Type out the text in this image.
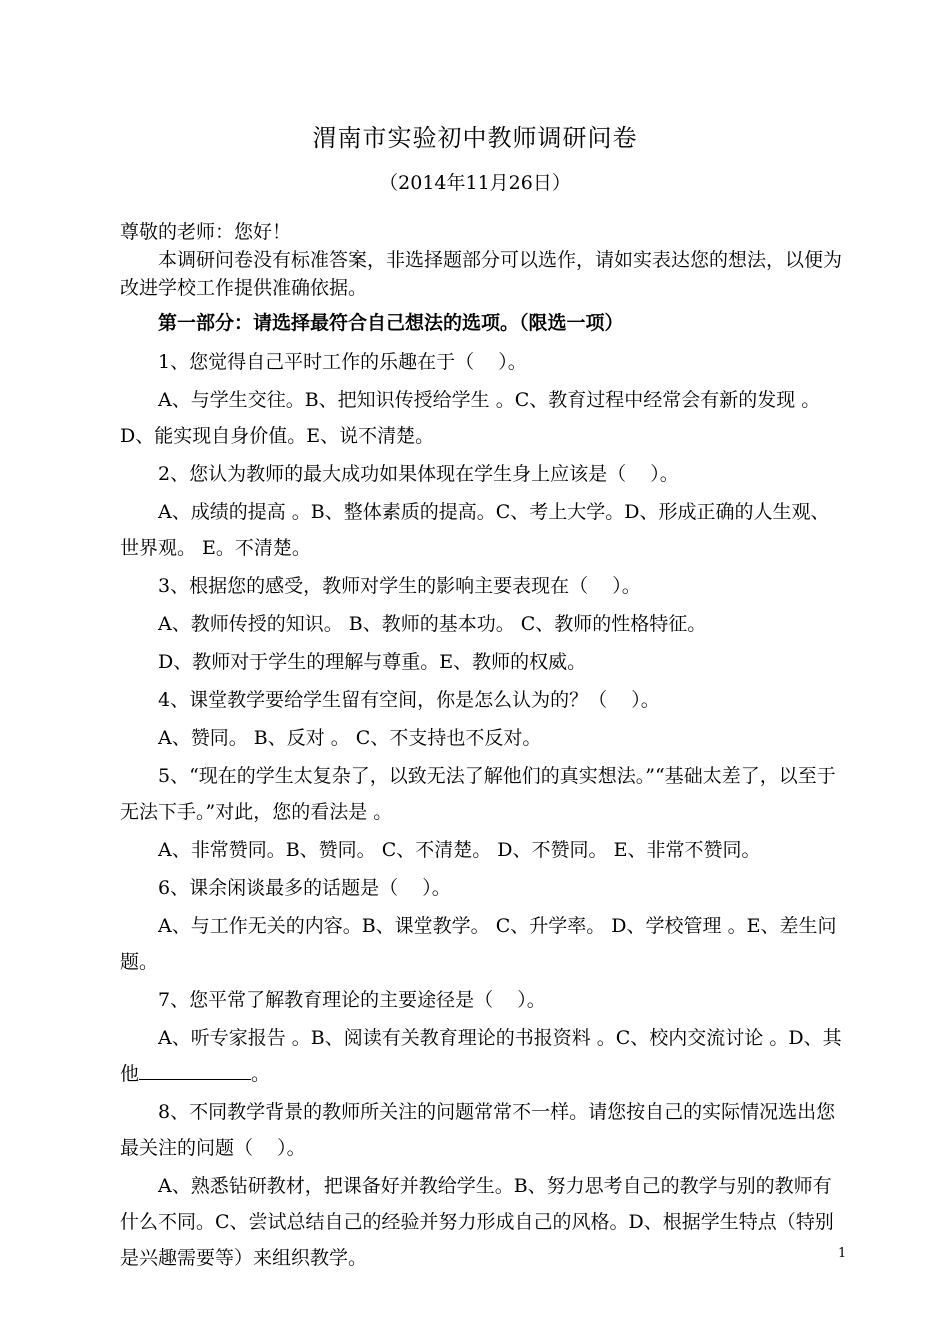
渭南市实验初中教师调研问卷
（2014年11月26日）

尊敬的老师：您好！

本调研问卷没有标准答案，非选择题部分可以选作，请如实表达您的想法，以便为改进学校工作提供准确依据。

第一部分：请选择最符合自己想法的选项。（限选一项）

1、您觉得自己平时工作的乐趣在于（    ）。

A、与学生交往。B、把知识传授给学生 。C、教育过程中经常会有新的发现 。D、能实现自身价值。E、说不清楚。

2、您认为教师的最大成功如果体现在学生身上应该是（    ）。

A、成绩的提高 。B、整体素质的提高。C、考上大学。D、形成正确的人生观、世界观。 E。不清楚。

3、根据您的感受，教师对学生的影响主要表现在（    ）。

A、教师传授的知识。 B、教师的基本功。 C、教师的性格特征。

D、教师对于学生的理解与尊重。E、教师的权威。

4、课堂教学要给学生留有空间，你是怎么认为的？（    ）。

A、赞同。 B、反对 。 C、不支持也不反对。

5、“现在的学生太复杂了，以致无法了解他们的真实想法。”“基础太差了，以至于无法下手。”对此，您的看法是 。

A、非常赞同。B、赞同。 C、不清楚。 D、不赞同。 E、非常不赞同。

6、课余闲谈最多的话题是（    ）。

A、与工作无关的内容。B、课堂教学。 C、升学率。 D、学校管理 。E、差生问题。

7、您平常了解教育理论的主要途径是（    ）。

A、听专家报告 。B、阅读有关教育理论的书报资料 。C、校内交流讨论 。D、其他	。

8、不同教学背景的教师所关注的问题常常不一样。请您按自己的实际情况选出您最关注的问题（    ）。

A、熟悉钻研教材，把课备好并教给学生。B、努力思考自己的教学与别的教师有什么不同。C、尝试总结自己的经验并努力形成自己的风格。D、根据学生特点（特别是兴趣需要等）来组织教学。	1
